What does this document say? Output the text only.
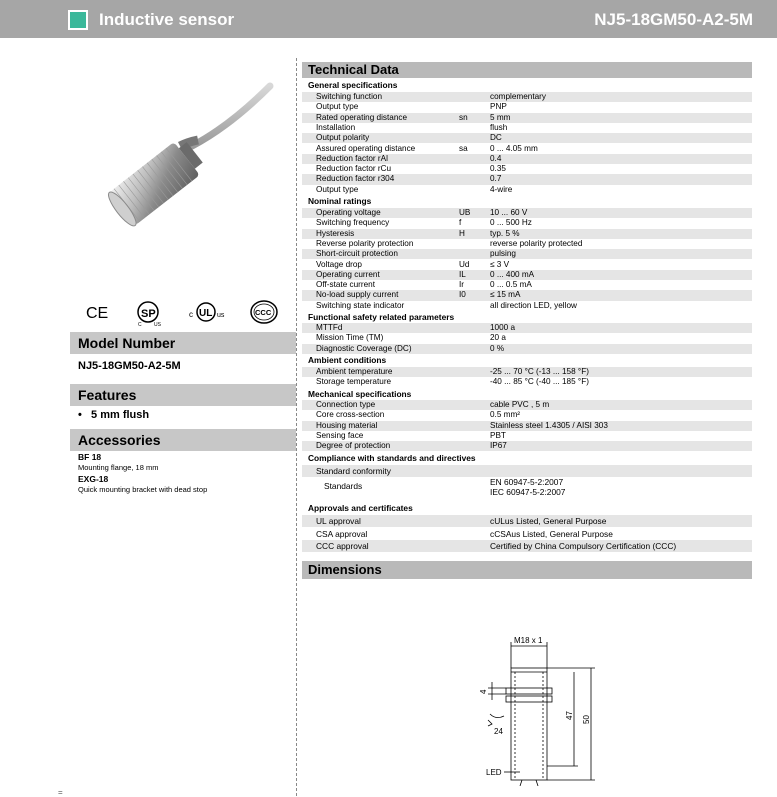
Inductive sensor	NJ5-18GM50-A2-5M
CE	SP
C US
c UL us	CCC
Model Number
NJ5-18GM50-A2-5M
Features
•   5 mm flush
Accessories
BF 18
Mounting flange, 18 mm
EXG-18
Quick mounting bracket with dead stop
Technical Data
General specifications
Switching function	complementary
Output type	PNP
Rated operating distance	sn	5 mm
Installation	flush
Output polarity	DC
Assured operating distance	sa	0 ... 4.05 mm
Reduction factor rAl	0.4
Reduction factor rCu	0.35
Reduction factor r304	0.7
Output type	4-wire
Nominal ratings
Operating voltage	UB 10 ... 60 V
Switching frequency	f	0 ... 500 Hz
Hysteresis	H	typ. 5 %
Reverse polarity protection	reverse polarity protected
Short-circuit protection	pulsing
Voltage drop	Ud	≤ 3 V
Operating current	IL	0 ... 400 mA
Off-state current	Ir	0 ... 0.5 mA
No-load supply current	I0	≤ 15 mA
Switching state indicator	all direction LED, yellow
Functional safety related parameters
MTTFd	1000 a
Mission Time (TM)	20 a
Diagnostic Coverage (DC)	0 %
Ambient conditions
Ambient temperature	-25 ... 70 °C (-13 ... 158 °F)
Storage temperature	-40 ... 85 °C (-40 ... 185 °F)
Mechanical specifications
Connection type	cable PVC , 5 m
Core cross-section	0.5 mm²
Housing material	Stainless steel 1.4305 / AISI 303
Sensing face	PBT
Degree of protection	IP67
Compliance with standards and directives
Standard conformity
Standards	EN 60947-5-2:2007
IEC 60947-5-2:2007
Approvals and certificates
UL approval	cULus Listed, General Purpose
CSA approval	cCSAus Listed, General Purpose
CCC approval	Certified by China Compulsory Certification (CCC)
Dimensions
M18 x 1
4
47 50
24
LED
=
